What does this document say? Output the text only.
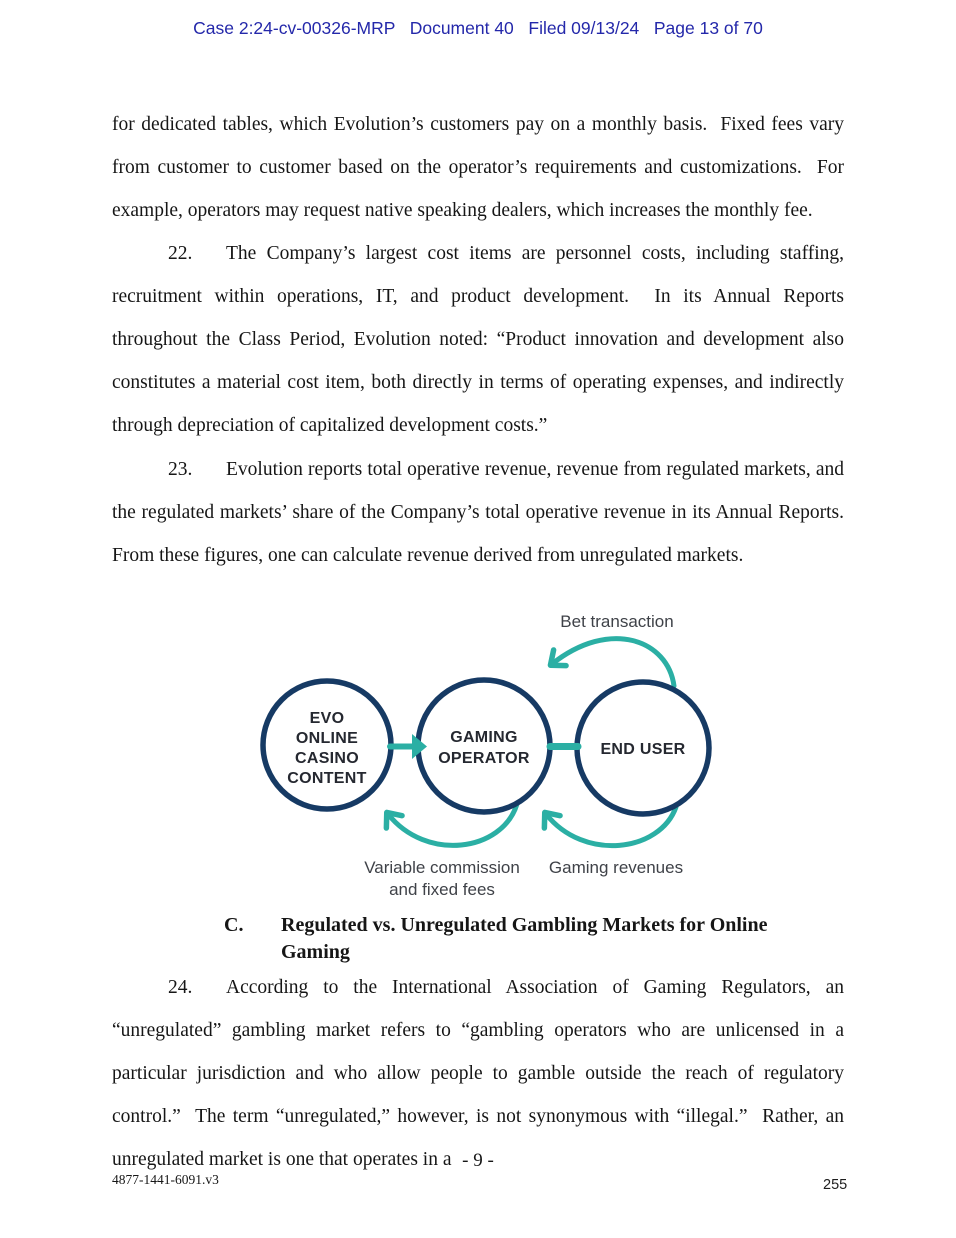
Case 2:24-cv-00326-MRP   Document 40   Filed 09/13/24   Page 13 of 70
for dedicated tables, which Evolution’s customers pay on a monthly basis.  Fixed fees vary from customer to customer based on the operator’s requirements and customizations.  For example, operators may request native speaking dealers, which increases the monthly fee.
22. The Company’s largest cost items are personnel costs, including staffing, recruitment within operations, IT, and product development.  In its Annual Reports throughout the Class Period, Evolution noted: “Product innovation and development also constitutes a material cost item, both directly in terms of operating expenses, and indirectly through depreciation of capitalized development costs.”
23. Evolution reports total operative revenue, revenue from regulated markets, and the regulated markets’ share of the Company’s total operative revenue in its Annual Reports.  From these figures, one can calculate revenue derived from unregulated markets.
EVO
ONLINE
CASINO
CONTENT
GAMING
OPERATOR
END USER
Bet transaction
Variable commission
and fixed fees
Gaming revenues
C.	Regulated vs. Unregulated Gambling Markets for Online
Gaming
24. According to the International Association of Gaming Regulators, an “unregulated” gambling market refers to “gambling operators who are unlicensed in a particular jurisdiction and who allow people to gamble outside the reach of regulatory control.”  The term “unregulated,” however, is not synonymous with “illegal.”  Rather, an unregulated market is one that operates in a - 9 -
4877-1441-6091.v3	255
